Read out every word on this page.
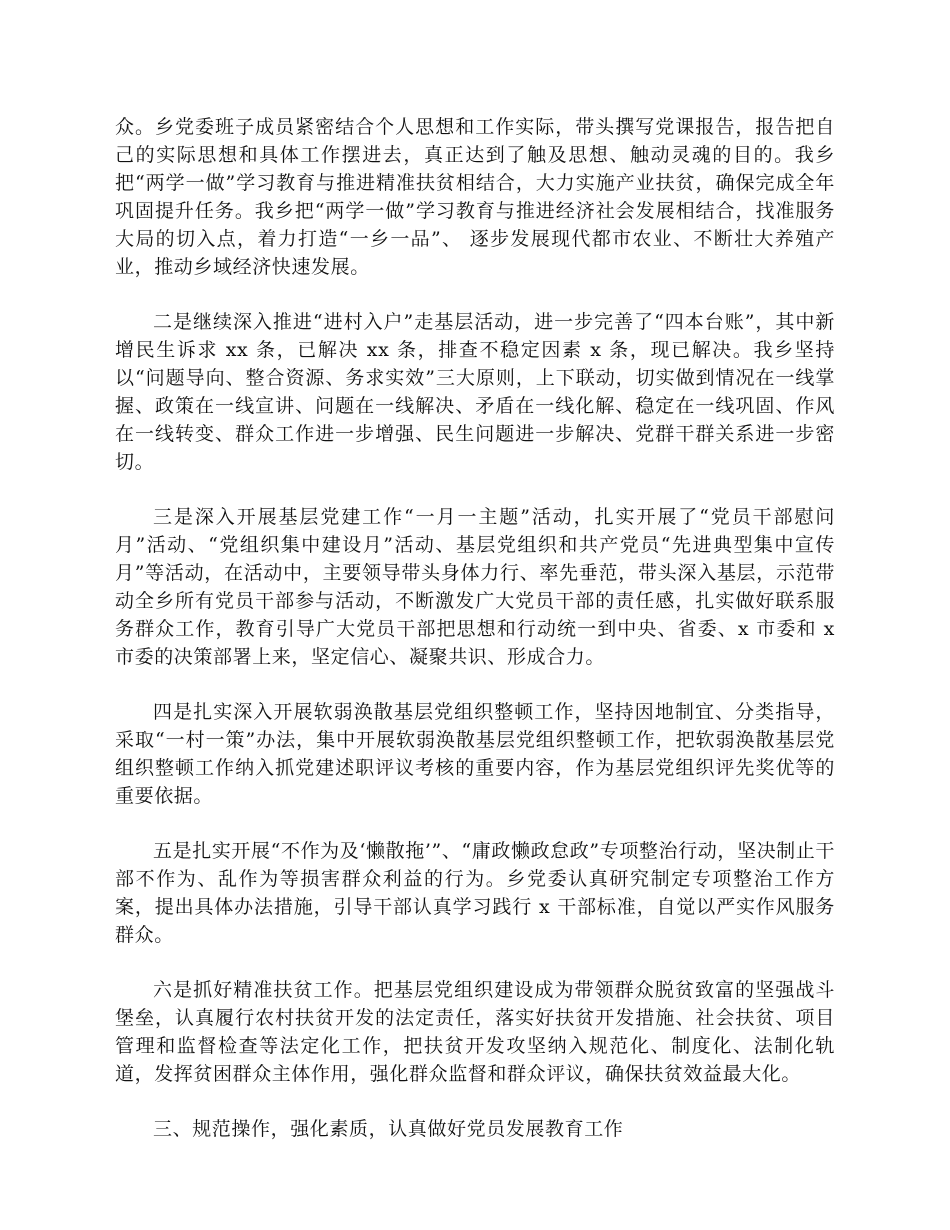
众。乡党委班子成员紧密结合个人思想和工作实际，带头撰写党课报告，报告把自己的实际思想和具体工作摆进去，真正达到了触及思想、触动灵魂的目的。我乡把“两学一做”学习教育与推进精准扶贫相结合，大力实施产业扶贫，确保完成全年巩固提升任务。我乡把“两学一做”学习教育与推进经济社会发展相结合，找准服务大局的切入点，着力打造“一乡一品”、 逐步发展现代都市农业、不断壮大养殖产业，推动乡域经济快速发展。

二是继续深入推进“进村入户”走基层活动，进一步完善了“四本台账”，其中新增民生诉求 xx 条，已解决 xx 条，排查不稳定因素 x 条，现已解决。我乡坚持以“问题导向、整合资源、务求实效”三大原则，上下联动，切实做到情况在一线掌握、政策在一线宣讲、问题在一线解决、矛盾在一线化解、稳定在一线巩固、作风在一线转变、群众工作进一步增强、民生问题进一步解决、党群干群关系进一步密切。

三是深入开展基层党建工作“一月一主题”活动，扎实开展了“党员干部慰问月”活动、“党组织集中建设月”活动、基层党组织和共产党员“先进典型集中宣传月”等活动，在活动中，主要领导带头身体力行、率先垂范，带头深入基层，示范带动全乡所有党员干部参与活动，不断激发广大党员干部的责任感，扎实做好联系服务群众工作，教育引导广大党员干部把思想和行动统一到中央、省委、x 市委和 x 市委的决策部署上来，坚定信心、凝聚共识、形成合力。

四是扎实深入开展软弱涣散基层党组织整顿工作，坚持因地制宜、分类指导，采取“一村一策”办法，集中开展软弱涣散基层党组织整顿工作，把软弱涣散基层党组织整顿工作纳入抓党建述职评议考核的重要内容，作为基层党组织评先奖优等的重要依据。

五是扎实开展“不作为及‘懒散拖’”、“庸政懒政怠政”专项整治行动，坚决制止干部不作为、乱作为等损害群众利益的行为。乡党委认真研究制定专项整治工作方案，提出具体办法措施，引导干部认真学习践行 x 干部标准，自觉以严实作风服务群众。

六是抓好精准扶贫工作。把基层党组织建设成为带领群众脱贫致富的坚强战斗堡垒，认真履行农村扶贫开发的法定责任，落实好扶贫开发措施、社会扶贫、项目管理和监督检查等法定化工作，把扶贫开发攻坚纳入规范化、制度化、法制化轨道，发挥贫困群众主体作用，强化群众监督和群众评议，确保扶贫效益最大化。

三、规范操作，强化素质，认真做好党员发展教育工作
